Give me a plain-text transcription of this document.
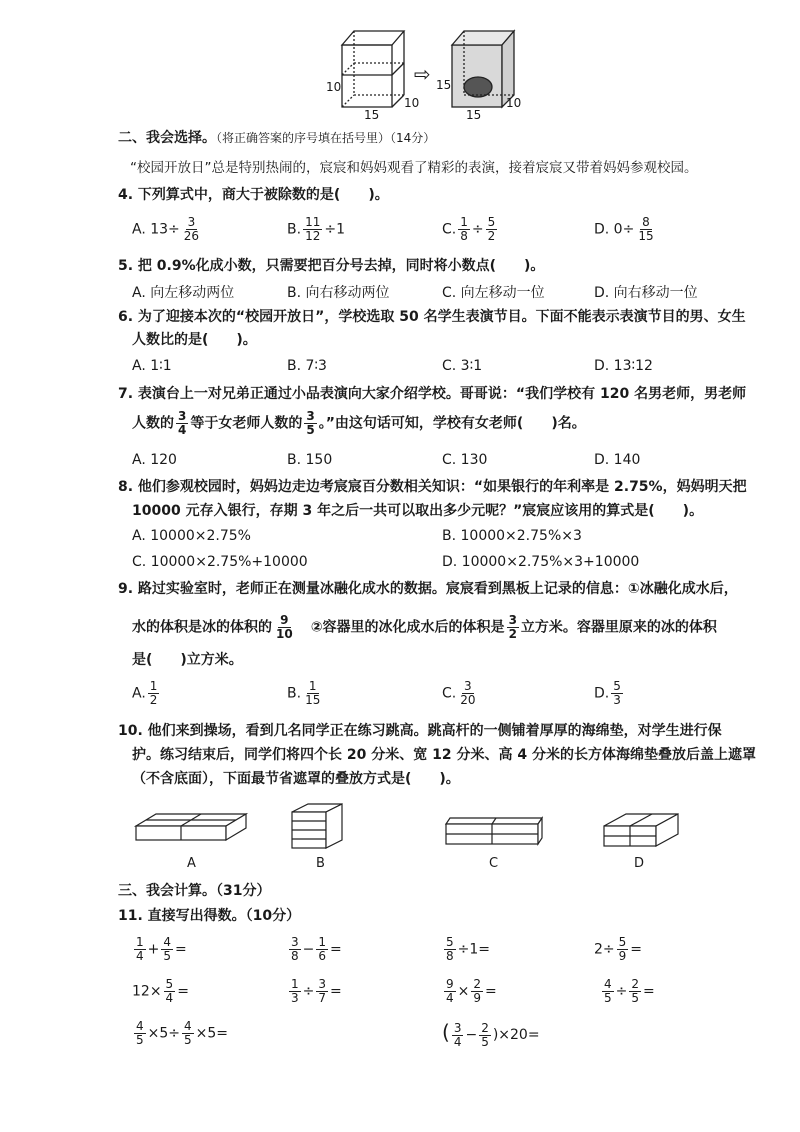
10
15
10
⇨ 15
15
10
二、我会选择。（将正确答案的序号填在括号里）（14分）
“校园开放日”总是特别热闹的，宸宸和妈妈观看了精彩的表演，接着宸宸又带着妈妈参观校园。
4. 下列算式中，商大于被除数的是(　　)。
A. $13\div \frac{3}{26}$	B. $\frac{11}{12} \div 1$	C. $\frac{1}{8} \div \frac{5}{2}$	D. $0\div \frac{8}{15}$
5. 把 0.9%化成小数，只需要把百分号去掉，同时将小数点(　　)。
A. 向左移动两位	B. 向右移动两位	C. 向左移动一位	D. 向右移动一位
6. 为了迎接本次的“校园开放日”，学校选取 50 名学生表演节目。下面不能表示表演节目的男、女生
人数比的是(　　)。
A. 1∶1	B. 7∶3	C. 3∶1	D. 13∶12
7. 表演台上一对兄弟正通过小品表演向大家介绍学校。哥哥说：“我们学校有 120 名男老师，男老师
人数的 $\frac{3}{4}$ 等于女老师人数的 $\frac{3}{5}$ 。”由这句话可知，学校有女老师(　　)名。
A. 120	B. 150	C. 130	D. 140
8. 他们参观校园时，妈妈边走边考宸宸百分数相关知识：“如果银行的年利率是 2.75%，妈妈明天把
10000 元存入银行，存期 3 年之后一共可以取出多少元呢？”宸宸应该用的算式是(　　)。
A. 10000×2.75%	B. 10000×2.75%×3
C. 10000×2.75%+10000	D. 10000×2.75%×3+10000
9. 路过实验室时，老师正在测量冰融化成水的数据。宸宸看到黑板上记录的信息：①冰融化成水后，
水的体积是冰的体积的 $\frac{9}{10}$ 　②容器里的冰化成水后的体积是 $\frac{3}{2}$ 立方米。容器里原来的冰的体积
是(　　)立方米。
A. $\frac{1}{2}$	B. $\frac{1}{15}$	C. $\frac{3}{20}$	D. $\frac{5}{3}$
10. 他们来到操场，看到几名同学正在练习跳高。跳高杆的一侧铺着厚厚的海绵垫，对学生进行保
护。练习结束后，同学们将四个长 20 分米、宽 12 分米、高 4 分米的长方体海绵垫叠放后盖上遮罩
（不含底面），下面最节省遮罩的叠放方式是(　　)。
A	B	C	D
三、我会计算。（31分）
11. 直接写出得数。（10分）
$\frac{1}{4} + \frac{4}{5}$ =	$\frac{3}{8} - \frac{1}{6}$ =	$\frac{5}{8} \div 1=$	$2\div \frac{5}{9}$ =
$12\times \frac{5}{4}$ =	$\frac{1}{3} \div \frac{3}{7}$ =	$\frac{9}{4} \times \frac{2}{9}$ =	$\frac{4}{5} \div \frac{2}{5}$ =
$\frac{4}{5} \times 5\div \frac{4}{5} \times 5=$	( $\frac{3}{4} - \frac{2}{5} )\times 20=$
